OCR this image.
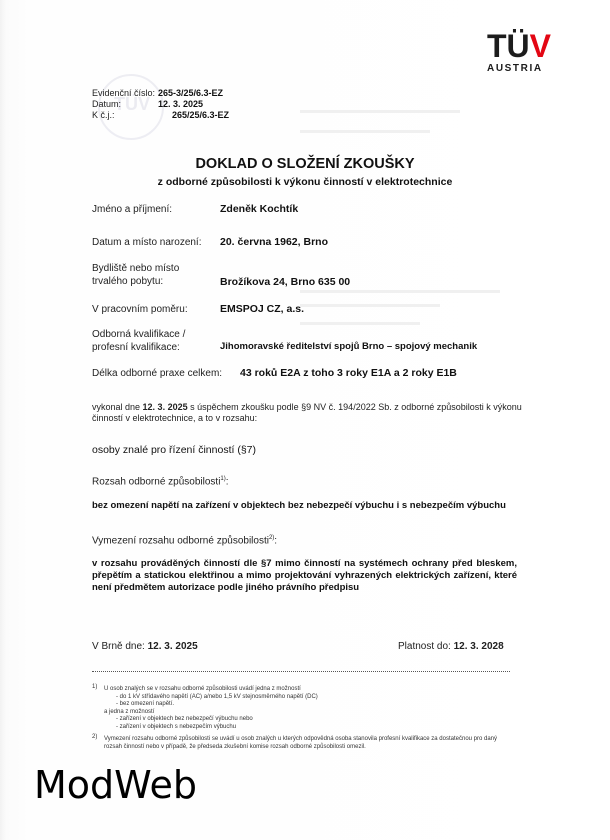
TÜV
AUSTRIA
TÜV
Evidenční číslo: 265-3/25/6.3-EZ
Datum:	12. 3. 2025
K č.j.:	265/25/6.3-EZ
DOKLAD O SLOŽENÍ ZKOUŠKY
z odborné způsobilosti k výkonu činností v elektrotechnice
Jméno a příjmení:	Zdeněk Kochtík
Datum a místo narození: 20. června 1962, Brno
Bydliště nebo místo
trvalého pobytu:	Brožíkova 24, Brno 635 00
V pracovním poměru:	EMSPOJ CZ, a.s.
Odborná kvalifikace /
profesní kvalifikace:	Jihomoravské ředitelství spojů Brno – spojový mechanik
Délka odborné praxe celkem: 43 roků E2A z toho 3 roky E1A a 2 roky E1B
vykonal dne 12. 3. 2025 s úspěchem zkoušku podle §9 NV č. 194/2022 Sb. z odborné způsobilosti k výkonu činností v elektrotechnice, a to v rozsahu:
osoby znalé pro řízení činností (§7)
Rozsah odborné způsobilosti$^{1)}$:
bez omezení napětí na zařízení v objektech bez nebezpečí výbuchu i s nebezpečím výbuchu
Vymezení rozsahu odborné způsobilosti$^{2)}$:
v rozsahu prováděných činností dle §7 mimo činností na systémech ochrany před bleskem, přepětím a statickou elektřinou a mimo projektování vyhrazených elektrických zařízení, které není předmětem autorizace podle jiného právního předpisu
V Brně dne: 12. 3. 2025	Platnost do: 12. 3. 2028
1) U osob znalých se v rozsahu odborné způsobilosti uvádí jedna z možností
- do 1 kV střídavého napětí (AC) a/nebo 1,5 kV stejnosměrného napětí (DC)
- bez omezení napětí.
a jedna z možností
- zařízení v objektech bez nebezpečí výbuchu nebo
- zařízení v objektech s nebezpečím výbuchu
2) Vymezení rozsahu odborné způsobilosti se uvádí u osob znalých u kterých odpovědná osoba stanovila profesní kvalifikace za dostatečnou pro daný rozsah činností nebo v případě, že předseda zkušební komise rozsah odborné způsobilosti omezil.
ModWeb
